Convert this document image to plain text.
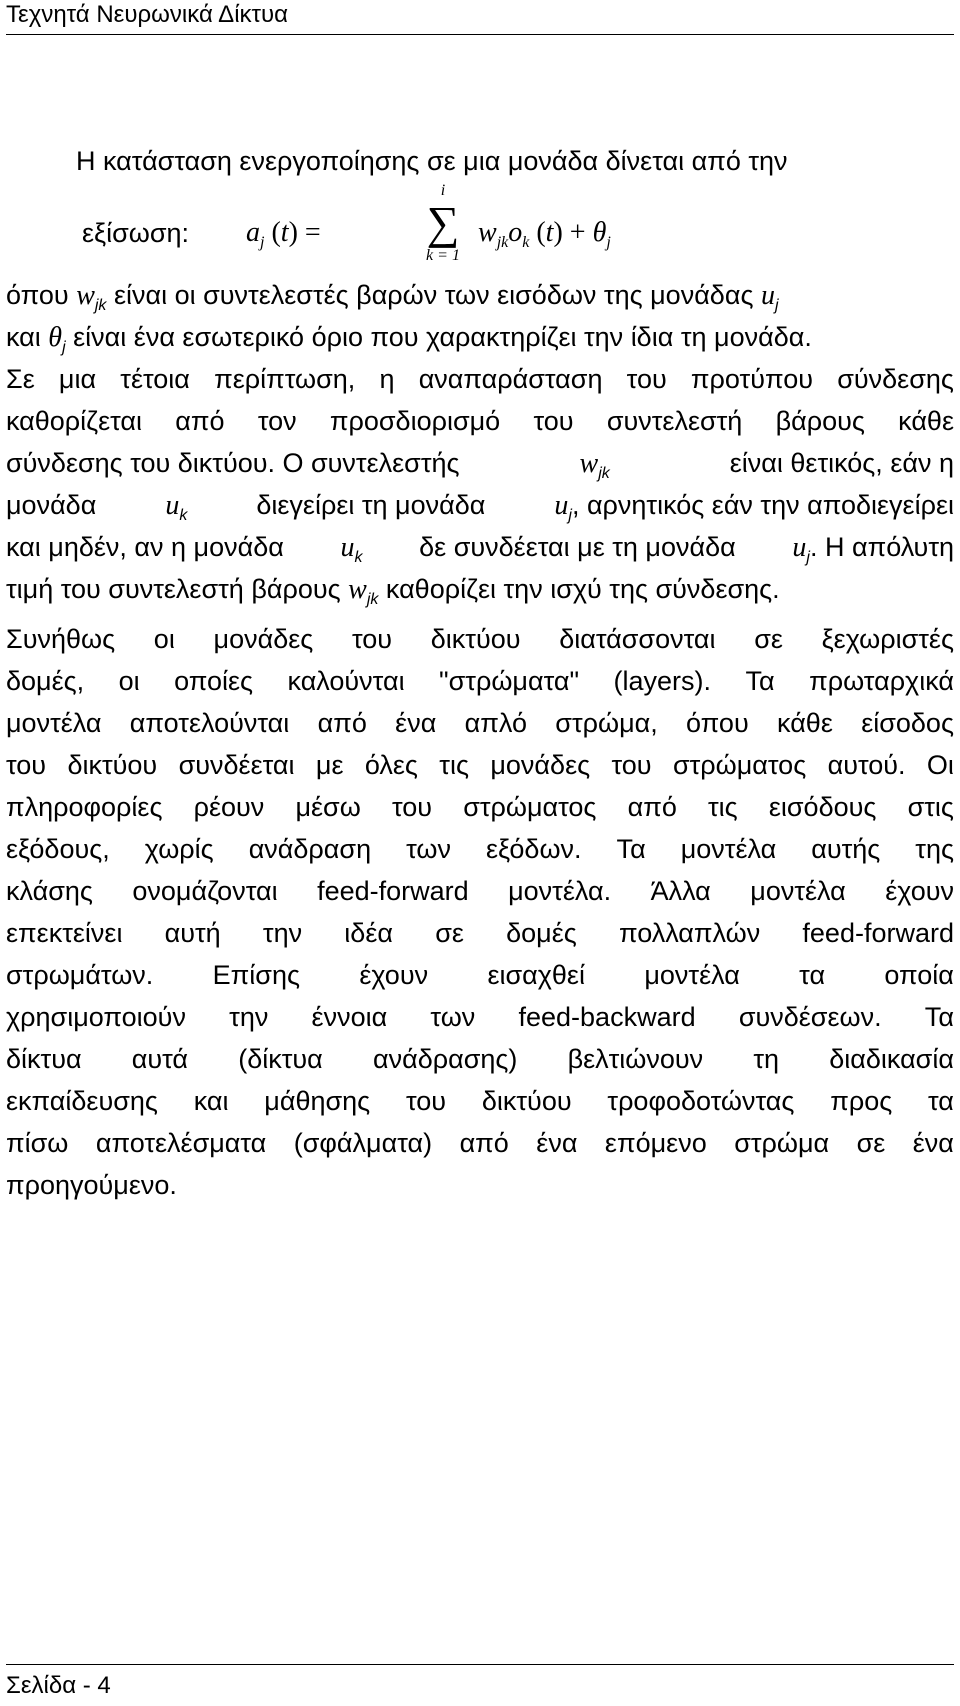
Τεχνητά Νευρωνικά Δίκτυα
Η κατάσταση ενεργοποίησης σε μια μονάδα δίνεται από την
εξίσωση: $a_j$ (t) =
i
∑
k = 1
$w_{jk}o_k$ $(t) + \theta_j$
όπου $w_{jk}$ είναι οι συντελεστές βαρών των εισόδων της μονάδας $u_j$
και $\theta_j$ είναι ένα εσωτερικό όριο που χαρακτηρίζει την ίδια τη μονάδα.
Σε μια τέτοια περίπτωση, η αναπαράσταση του προτύπου σύνδεσης
καθορίζεται από τον προσδιορισμό του συντελεστή βάρους κάθε
σύνδεσης του δικτύου. Ο συντελεστής	$w_{jk}$	είναι θετικός, εάν η
μονάδα $u_k$	διεγείρει τη μονάδα $u_j$, αρνητικός εάν την αποδιεγείρει
και μηδέν, αν η μονάδα $u_k$ δε συνδέεται με τη μονάδα $u_j$. Η απόλυτη
τιμή του συντελεστή βάρους $w_{jk}$ καθορίζει την ισχύ της σύνδεσης.
Συνήθως οι μονάδες του δικτύου διατάσσονται σε ξεχωριστές
δομές, οι οποίες καλούνται "στρώματα" (layers). Τα πρωταρχικά
μοντέλα αποτελούνται από ένα απλό στρώμα, όπου κάθε είσοδος
του δικτύου συνδέεται με όλες τις μονάδες του στρώματος αυτού. Οι
πληροφορίες ρέουν μέσω του στρώματος από τις εισόδους στις
εξόδους, χωρίς ανάδραση των εξόδων. Τα μοντέλα αυτής της
κλάσης ονομάζονται feed-forward μοντέλα. Άλλα μοντέλα έχουν
επεκτείνει αυτή την ιδέα σε δομές πολλαπλών feed-forward
στρωμάτων. Επίσης έχουν εισαχθεί μοντέλα τα οποία
χρησιμοποιούν την έννοια των feed-backward συνδέσεων. Τα
δίκτυα αυτά (δίκτυα ανάδρασης) βελτιώνουν τη διαδικασία
εκπαίδευσης και μάθησης του δικτύου τροφοδοτώντας προς τα
πίσω αποτελέσματα (σφάλματα) από ένα επόμενο στρώμα σε ένα
προηγούμενο.
Σελίδα - 4
